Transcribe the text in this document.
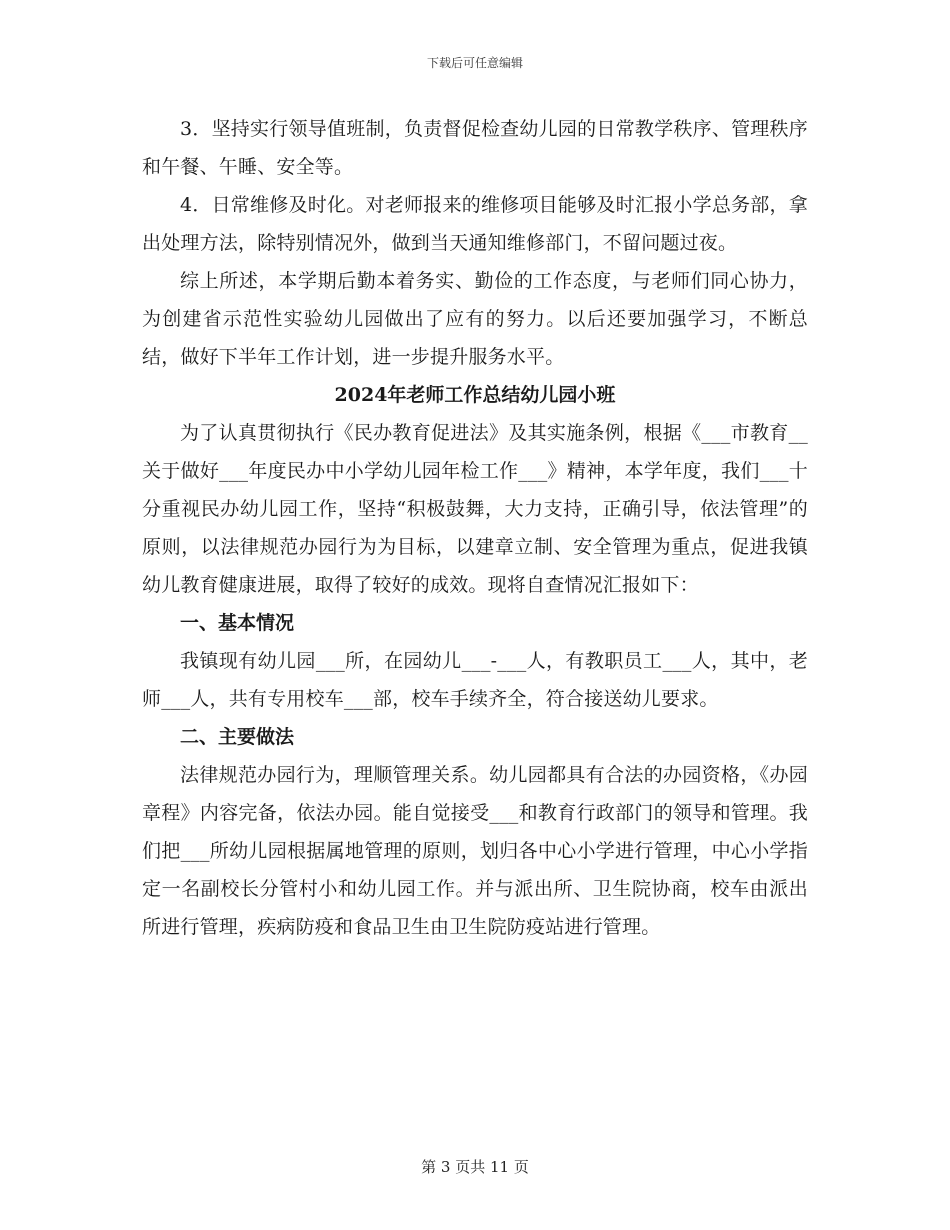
下载后可任意编辑

3．坚持实行领导值班制，负责督促检查幼儿园的日常教学秩序、管理秩序和午餐、午睡、安全等。

4．日常维修及时化。对老师报来的维修项目能够及时汇报小学总务部，拿出处理方法，除特别情况外，做到当天通知维修部门，不留问题过夜。

综上所述，本学期后勤本着务实、勤俭的工作态度，与老师们同心协力，为创建省示范性实验幼儿园做出了应有的努力。以后还要加强学习，不断总结，做好下半年工作计划，进一步提升服务水平。

2024年老师工作总结幼儿园小班

为了认真贯彻执行《民办教育促进法》及其实施条例，根据《___市教育__关于做好___年度民办中小学幼儿园年检工作___》精神，本学年度，我们___十分重视民办幼儿园工作，坚持“积极鼓舞，大力支持，正确引导，依法管理”的原则，以法律规范办园行为为目标，以建章立制、安全管理为重点，促进我镇幼儿教育健康进展，取得了较好的成效。现将自查情况汇报如下：

一、基本情况

我镇现有幼儿园___所，在园幼儿___-___人，有教职员工___人，其中，老师___人，共有专用校车___部，校车手续齐全，符合接送幼儿要求。

二、主要做法

法律规范办园行为，理顺管理关系。幼儿园都具有合法的办园资格，《办园章程》内容完备，依法办园。能自觉接受___和教育行政部门的领导和管理。我们把___所幼儿园根据属地管理的原则，划归各中心小学进行管理，中心小学指定一名副校长分管村小和幼儿园工作。并与派出所、卫生院协商，校车由派出所进行管理，疾病防疫和食品卫生由卫生院防疫站进行管理。

第 3 页共 11 页
